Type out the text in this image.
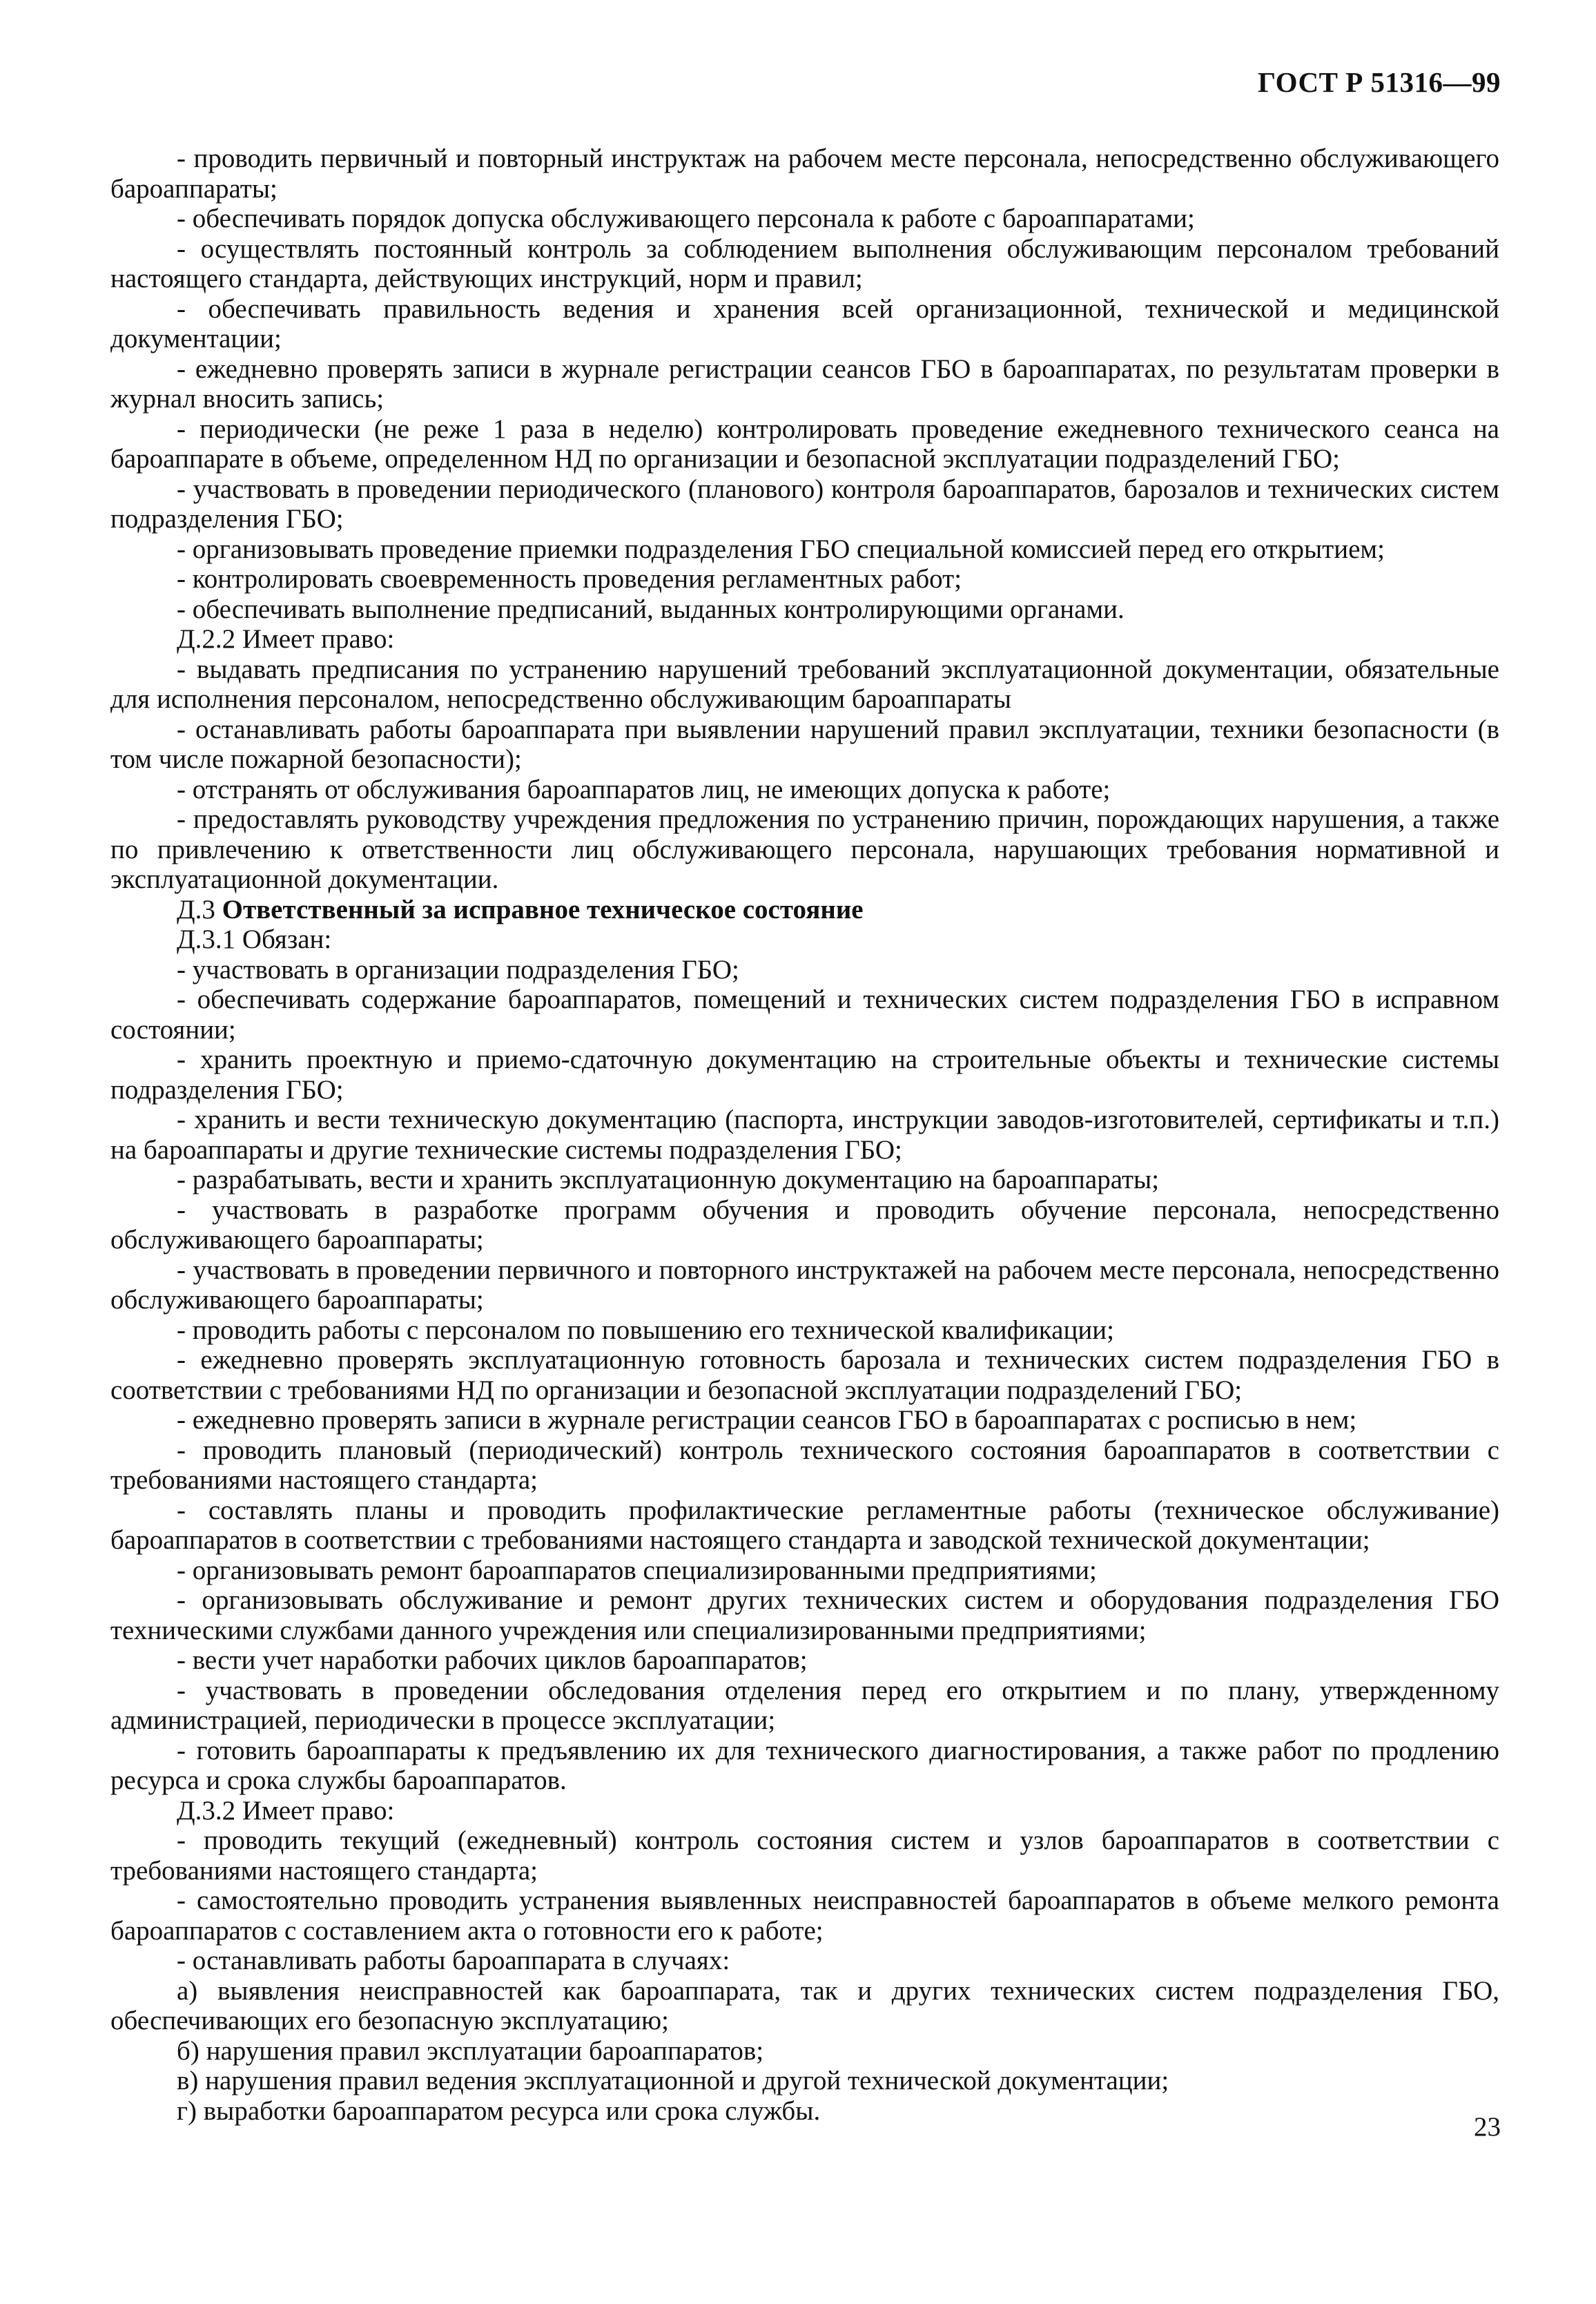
ГОСТ Р 51316—99

- проводить первичный и повторный инструктаж на рабочем месте персонала, непосредственно обслуживающего бароаппараты;

- обеспечивать порядок допуска обслуживающего персонала к работе с бароаппаратами;

- осуществлять постоянный контроль за соблюдением выполнения обслуживающим персоналом требований настоящего стандарта, действующих инструкций, норм и правил;

- обеспечивать правильность ведения и хранения всей организационной, технической и медицинской документации;

- ежедневно проверять записи в журнале регистрации сеансов ГБО в бароаппаратах, по результатам проверки в журнал вносить запись;

- периодически (не реже 1 раза в неделю) контролировать проведение ежедневного технического сеанса на бароаппарате в объеме, определенном НД по организации и безопасной эксплуатации подразделений ГБО;

- участвовать в проведении периодического (планового) контроля бароаппаратов, барозалов и технических систем подразделения ГБО;

- организовывать проведение приемки подразделения ГБО специальной комиссией перед его открытием;

- контролировать своевременность проведения регламентных работ;

- обеспечивать выполнение предписаний, выданных контролирующими органами.

Д.2.2 Имеет право:

- выдавать предписания по устранению нарушений требований эксплуатационной документации, обязательные для исполнения персоналом, непосредственно обслуживающим бароаппараты

- останавливать работы бароаппарата при выявлении нарушений правил эксплуатации, техники безопасности (в том числе пожарной безопасности);

- отстранять от обслуживания бароаппаратов лиц, не имеющих допуска к работе;

- предоставлять руководству учреждения предложения по устранению причин, порождающих нарушения, а также по привлечению к ответственности лиц обслуживающего персонала, нарушающих требования нормативной и эксплуатационной документации.

Д.3 Ответственный за исправное техническое состояние

Д.3.1 Обязан:

- участвовать в организации подразделения ГБО;

- обеспечивать содержание бароаппаратов, помещений и технических систем подразделения ГБО в исправном состоянии;

- хранить проектную и приемо-сдаточную документацию на строительные объекты и технические системы подразделения ГБО;

- хранить и вести техническую документацию (паспорта, инструкции заводов-изготовителей, сертификаты и т.п.) на бароаппараты и другие технические системы подразделения ГБО;

- разрабатывать, вести и хранить эксплуатационную документацию на бароаппараты;

- участвовать в разработке программ обучения и проводить обучение персонала, непосредственно обслуживающего бароаппараты;

- участвовать в проведении первичного и повторного инструктажей на рабочем месте персонала, непосредственно обслуживающего бароаппараты;

- проводить работы с персоналом по повышению его технической квалификации;

- ежедневно проверять эксплуатационную готовность барозала и технических систем подразделения ГБО в соответствии с требованиями НД по организации и безопасной эксплуатации подразделений ГБО;

- ежедневно проверять записи в журнале регистрации сеансов ГБО в бароаппаратах с росписью в нем;

- проводить плановый (периодический) контроль технического состояния бароаппаратов в соответствии с требованиями настоящего стандарта;

- составлять планы и проводить профилактические регламентные работы (техническое обслуживание) бароаппаратов в соответствии с требованиями настоящего стандарта и заводской технической документации;

- организовывать ремонт бароаппаратов специализированными предприятиями;

- организовывать обслуживание и ремонт других технических систем и оборудования подразделения ГБО техническими службами данного учреждения или специализированными предприятиями;

- вести учет наработки рабочих циклов бароаппаратов;

- участвовать в проведении обследования отделения перед его открытием и по плану, утвержденному администрацией, периодически в процессе эксплуатации;

- готовить бароаппараты к предъявлению их для технического диагностирования, а также работ по продлению ресурса и срока службы бароаппаратов.

Д.3.2 Имеет право:

- проводить текущий (ежедневный) контроль состояния систем и узлов бароаппаратов в соответствии с требованиями настоящего стандарта;

- самостоятельно проводить устранения выявленных неисправностей бароаппаратов в объеме мелкого ремонта бароаппаратов с составлением акта о готовности его к работе;

- останавливать работы бароаппарата в случаях:

а) выявления неисправностей как бароаппарата, так и других технических систем подразделения ГБО, обеспечивающих его безопасную эксплуатацию;

б) нарушения правил эксплуатации бароаппаратов;

в) нарушения правил ведения эксплуатационной и другой технической документации;

г) выработки бароаппаратом ресурса или срока службы.

23
